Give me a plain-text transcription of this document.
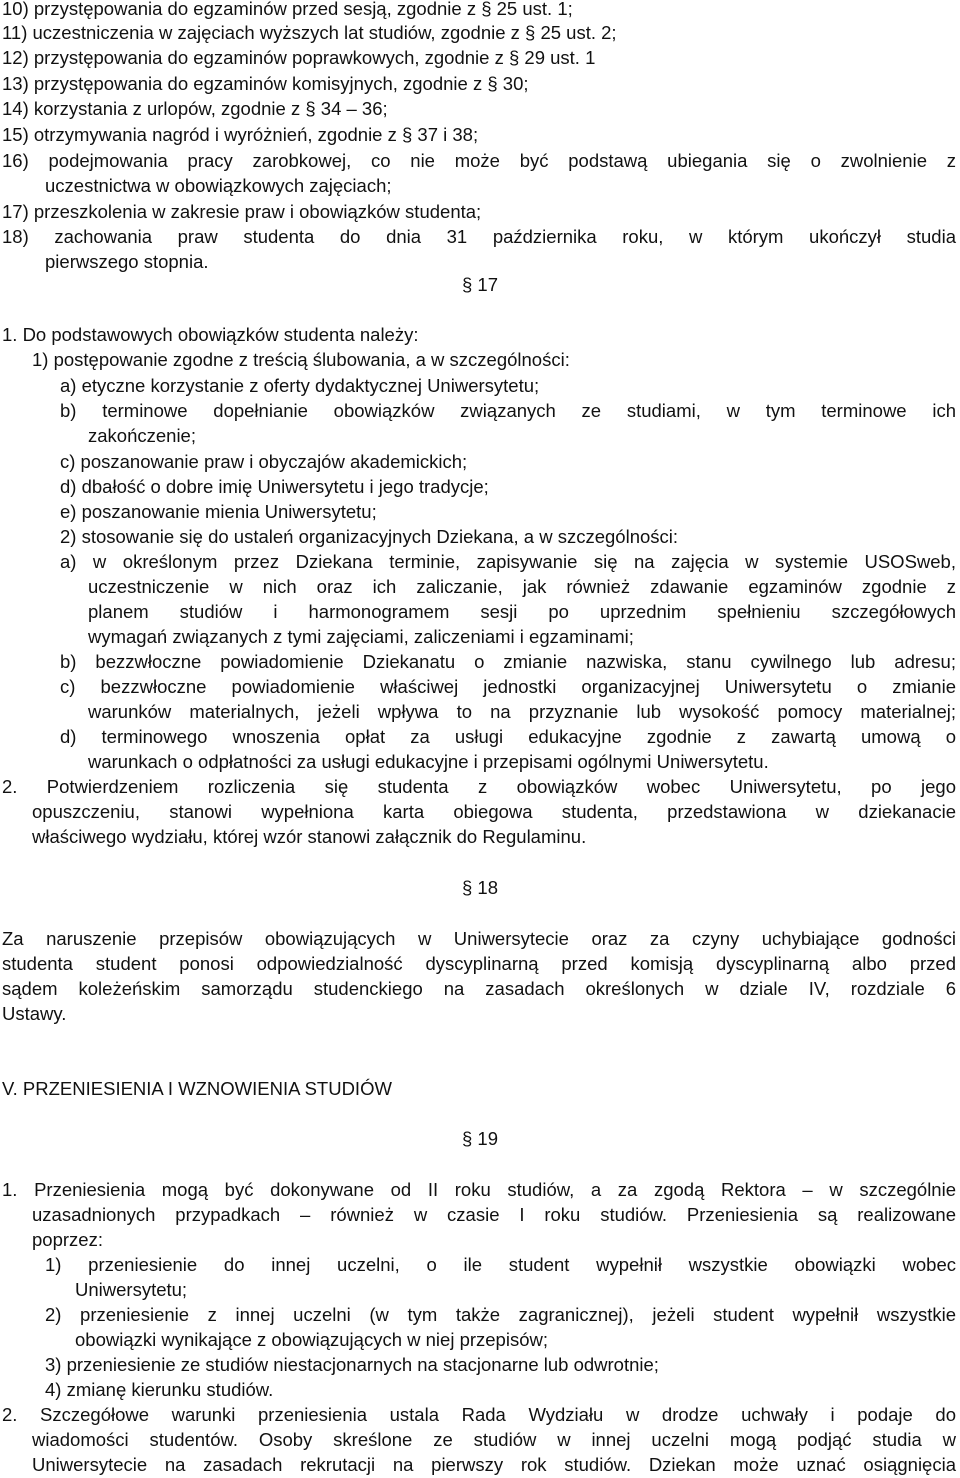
10) przystępowania do egzaminów przed sesją, zgodnie z § 25 ust. 1;
11) uczestniczenia w zajęciach wyższych lat studiów, zgodnie z § 25 ust. 2;
12) przystępowania do egzaminów poprawkowych, zgodnie z § 29 ust. 1
13) przystępowania do egzaminów komisyjnych, zgodnie z § 30;
14) korzystania z urlopów, zgodnie z § 34 – 36;
15) otrzymywania nagród i wyróżnień, zgodnie z § 37 i 38;
16) podejmowania pracy zarobkowej, co nie może być podstawą ubiegania się o zwolnienie z
uczestnictwa w obowiązkowych zajęciach;
17) przeszkolenia w zakresie praw i obowiązków studenta;
18) zachowania praw studenta do dnia 31 października roku, w którym ukończył studia
pierwszego stopnia.
§ 17
1. Do podstawowych obowiązków studenta należy:
1) postępowanie zgodne z treścią ślubowania, a w szczególności:
a) etyczne korzystanie z oferty dydaktycznej Uniwersytetu;
b) terminowe dopełnianie obowiązków związanych ze studiami, w tym terminowe ich
zakończenie;
c) poszanowanie praw i obyczajów akademickich;
d) dbałość o dobre imię Uniwersytetu i jego tradycje;
e) poszanowanie mienia Uniwersytetu;
2) stosowanie się do ustaleń organizacyjnych Dziekana, a w szczególności:
a) w określonym przez Dziekana terminie, zapisywanie się na zajęcia w systemie USOSweb,
uczestniczenie w nich oraz ich zaliczanie, jak również zdawanie egzaminów zgodnie z
planem studiów i harmonogramem sesji po uprzednim spełnieniu szczegółowych
wymagań związanych z tymi zajęciami, zaliczeniami i egzaminami;
b) bezzwłoczne powiadomienie Dziekanatu o zmianie nazwiska, stanu cywilnego lub adresu;
c) bezzwłoczne powiadomienie właściwej jednostki organizacyjnej Uniwersytetu o zmianie
warunków materialnych, jeżeli wpływa to na przyznanie lub wysokość pomocy materialnej;
d) terminowego wnoszenia opłat za usługi edukacyjne zgodnie z zawartą umową o
warunkach o odpłatności za usługi edukacyjne i przepisami ogólnymi Uniwersytetu.
2. Potwierdzeniem rozliczenia się studenta z obowiązków wobec Uniwersytetu, po jego
opuszczeniu, stanowi wypełniona karta obiegowa studenta, przedstawiona w dziekanacie
właściwego wydziału, której wzór stanowi załącznik do Regulaminu.
§ 18
Za naruszenie przepisów obowiązujących w Uniwersytecie oraz za czyny uchybiające godności
studenta student ponosi odpowiedzialność dyscyplinarną przed komisją dyscyplinarną albo przed
sądem koleżeńskim samorządu studenckiego na zasadach określonych w dziale IV, rozdziale 6
Ustawy.
V. PRZENIESIENIA I WZNOWIENIA STUDIÓW
§ 19
1. Przeniesienia mogą być dokonywane od II roku studiów, a za zgodą Rektora – w szczególnie
uzasadnionych przypadkach – również w czasie I roku studiów. Przeniesienia są realizowane
poprzez:
1) przeniesienie do innej uczelni, o ile student wypełnił wszystkie obowiązki wobec
Uniwersytetu;
2) przeniesienie z innej uczelni (w tym także zagranicznej), jeżeli student wypełnił wszystkie
obowiązki wynikające z obowiązujących w niej przepisów;
3) przeniesienie ze studiów niestacjonarnych na stacjonarne lub odwrotnie;
4) zmianę kierunku studiów.
2. Szczegółowe warunki przeniesienia ustala Rada Wydziału w drodze uchwały i podaje do
wiadomości studentów. Osoby skreślone ze studiów w innej uczelni mogą podjąć studia w
Uniwersytecie na zasadach rekrutacji na pierwszy rok studiów. Dziekan może uznać osiągnięcia
